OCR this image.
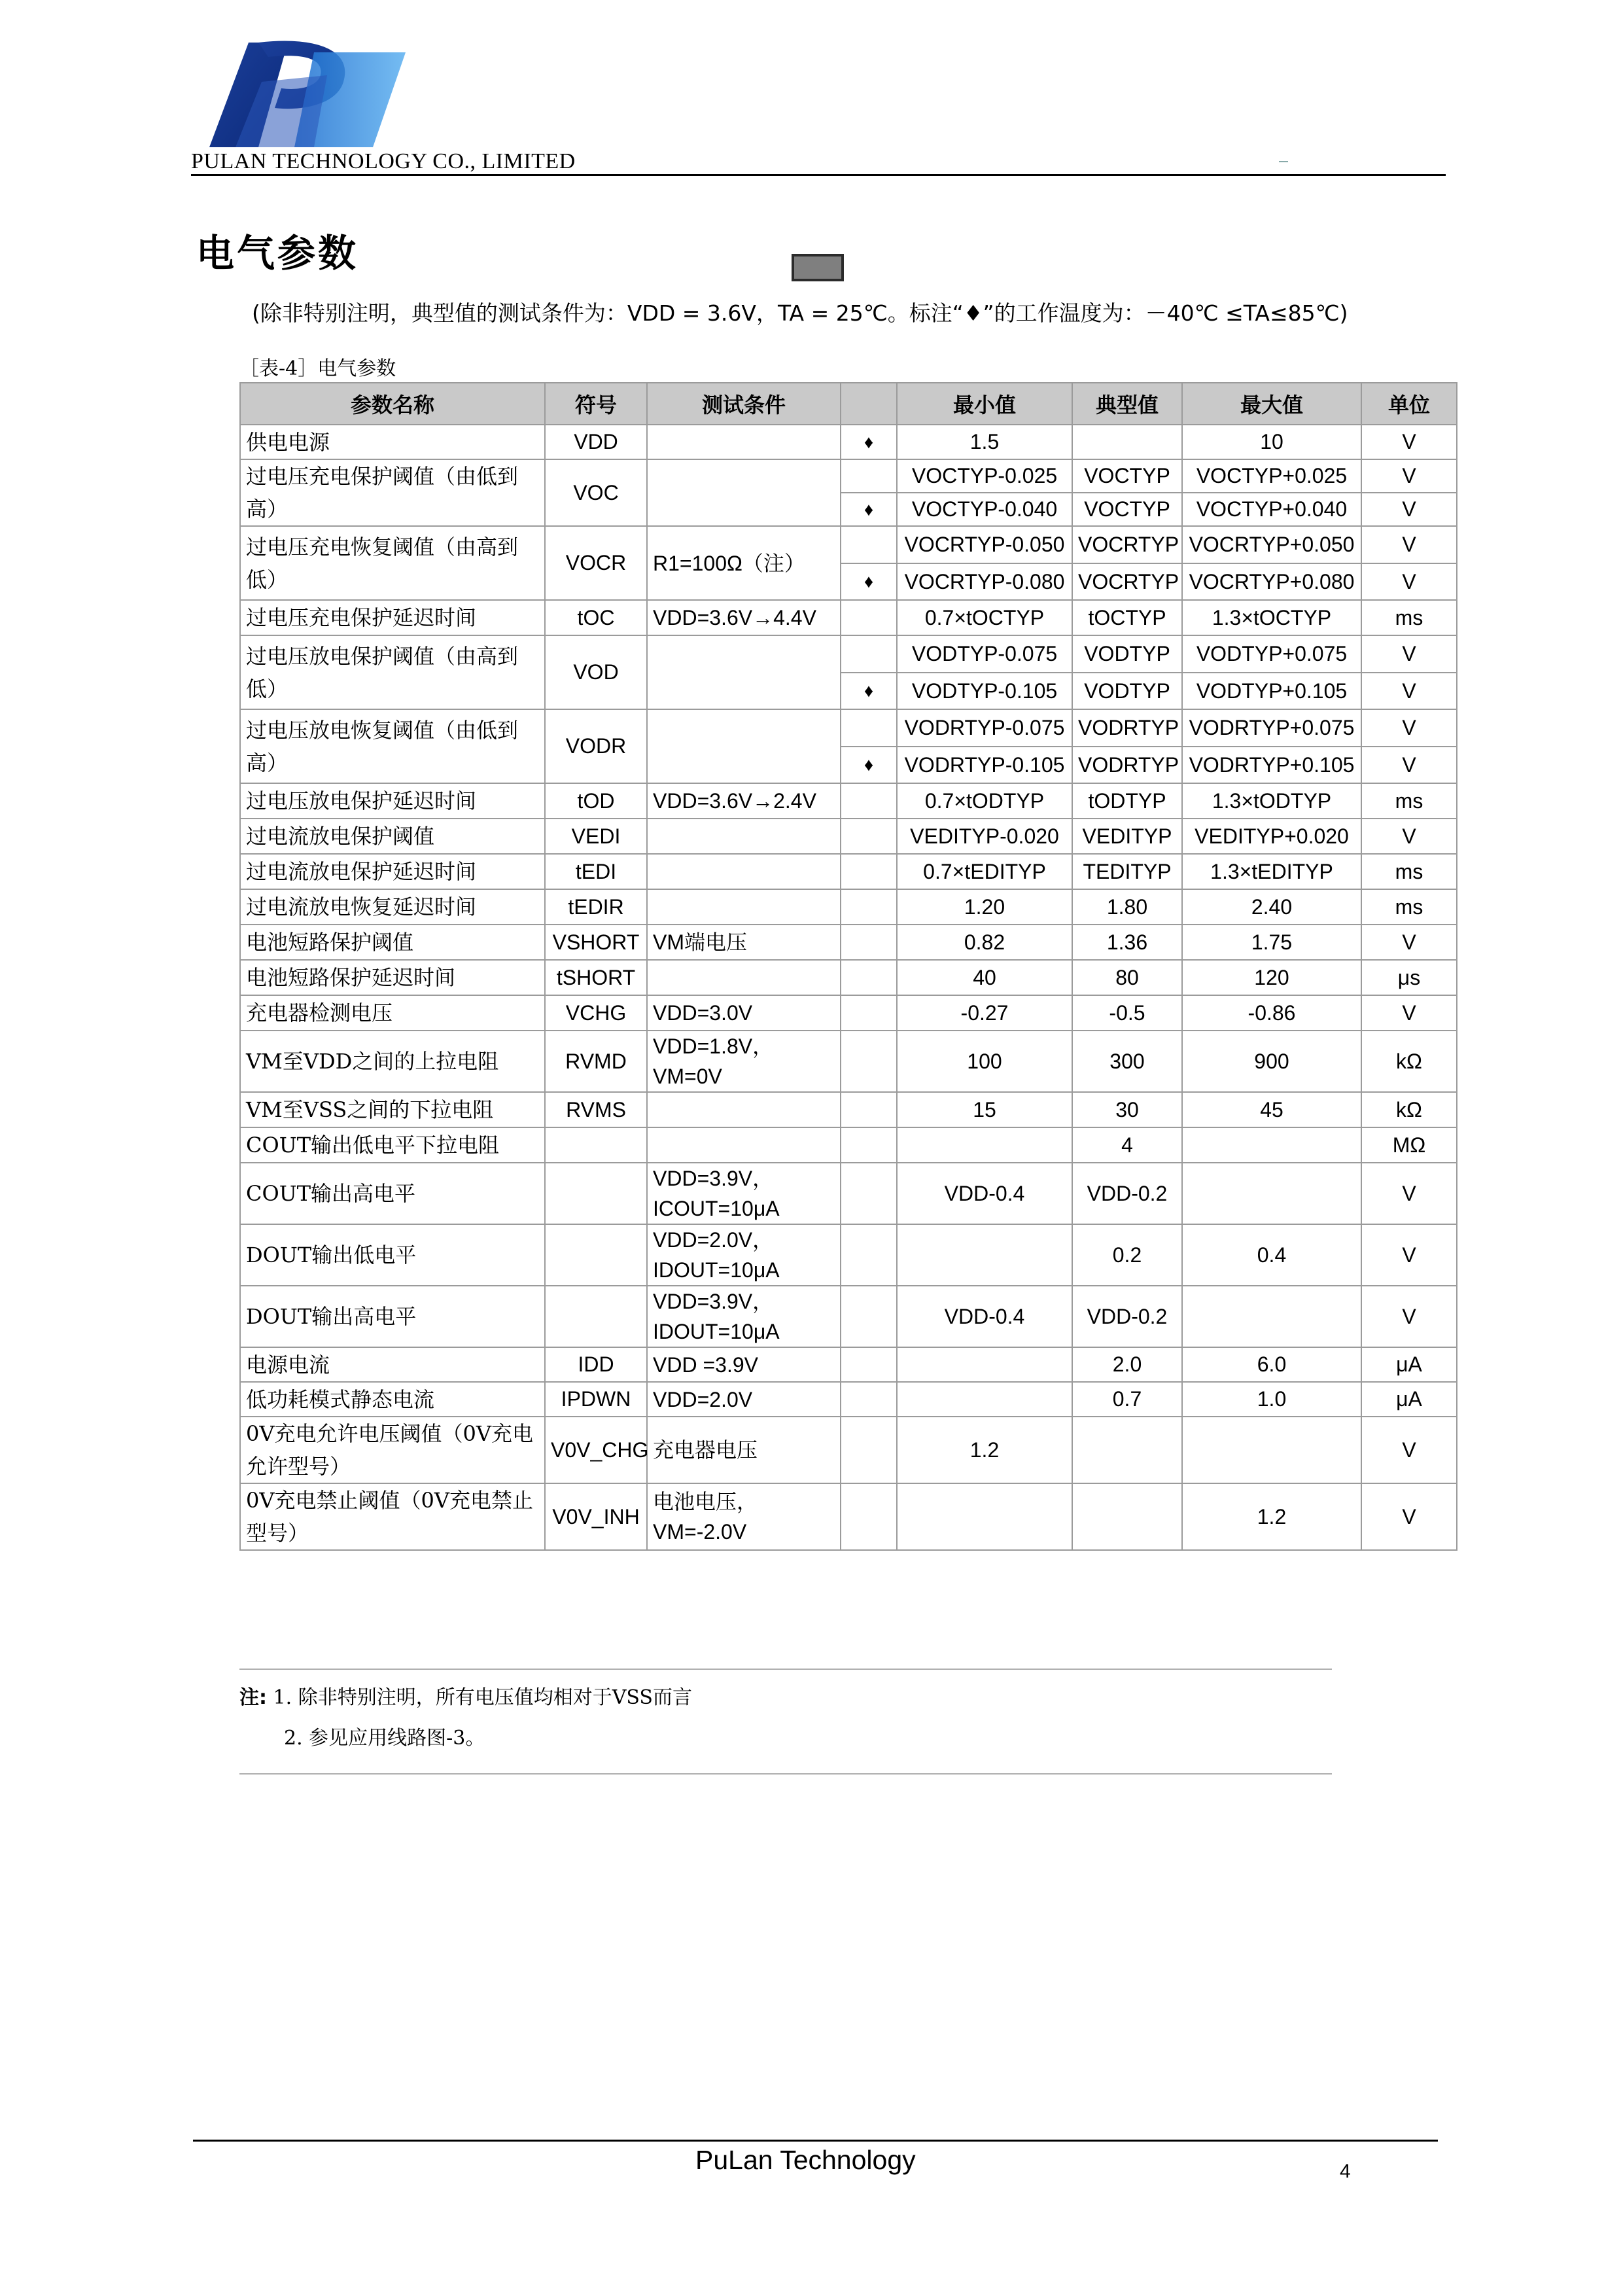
PULAN TECHNOLOGY CO., LIMITED
电气参数
(除非特别注明，典型值的测试条件为：VDD = 3.6V，TA = 25℃。标注“♦”的工作温度为：－40℃ ≤TA≤85℃)
［表-4］电气参数
参数名称	符号	测试条件		最小值	典型值	最大值	单位
供电电源	VDD		♦	1.5		10	V
过电压充电保护阈值（由低到高）	VOC			VOCTYP-0.025	VOCTYP	VOCTYP+0.025	V
			♦	VOCTYP-0.040	VOCTYP	VOCTYP+0.040	V
过电压充电恢复阈值（由高到低）	VOCR	R1=100Ω（注）		VOCRTYP-0.050	VOCRTYP	VOCRTYP+0.050	V
			♦	VOCRTYP-0.080	VOCRTYP	VOCRTYP+0.080	V
过电压充电保护延迟时间	tOC	VDD=3.6V→4.4V		0.7×tOCTYP	tOCTYP	1.3×tOCTYP	ms
过电压放电保护阈值（由高到低）	VOD			VODTYP-0.075	VODTYP	VODTYP+0.075	V
			♦	VODTYP-0.105	VODTYP	VODTYP+0.105	V
过电压放电恢复阈值（由低到高）	VODR			VODRTYP-0.075	VODRTYP	VODRTYP+0.075	V
			♦	VODRTYP-0.105	VODRTYP	VODRTYP+0.105	V
过电压放电保护延迟时间	tOD	VDD=3.6V→2.4V		0.7×tODTYP	tODTYP	1.3×tODTYP	ms
过电流放电保护阈值	VEDI			VEDITYP-0.020	VEDITYP	VEDITYP+0.020	V
过电流放电保护延迟时间	tEDI			0.7×tEDITYP	TEDITYP	1.3×tEDITYP	ms
过电流放电恢复延迟时间	tEDIR			1.20	1.80	2.40	ms
电池短路保护阈值	VSHORT	VM端电压		0.82	1.36	1.75	V
电池短路保护延迟时间	tSHORT			40	80	120	μs
充电器检测电压	VCHG	VDD=3.0V		-0.27	-0.5	-0.86	V
VM至VDD之间的上拉电阻	RVMD	VDD=1.8V，VM=0V		100	300	900	kΩ
VM至VSS之间的下拉电阻	RVMS			15	30	45	kΩ
COUT输出低电平下拉电阻					4		MΩ
COUT输出高电平		VDD=3.9V，ICOUT=10μA		VDD-0.4	VDD-0.2		V
DOUT输出低电平		VDD=2.0V，IDOUT=10μA			0.2	0.4	V
DOUT输出高电平		VDD=3.9V，IDOUT=10μA		VDD-0.4	VDD-0.2		V
电源电流	IDD	VDD =3.9V			2.0	6.0	μA
低功耗模式静态电流	IPDWN	VDD=2.0V			0.7	1.0	μA
0V充电允许电压阈值（0V充电允许型号）	V0V_CHG	充电器电压		1.2			V
0V充电禁止阈值（0V充电禁止型号）	V0V_INH	电池电压，VM=-2.0V				1.2	V
注: 1. 除非特别注明，所有电压值均相对于VSS而言
2. 参见应用线路图-3。
PuLan Technology	4
